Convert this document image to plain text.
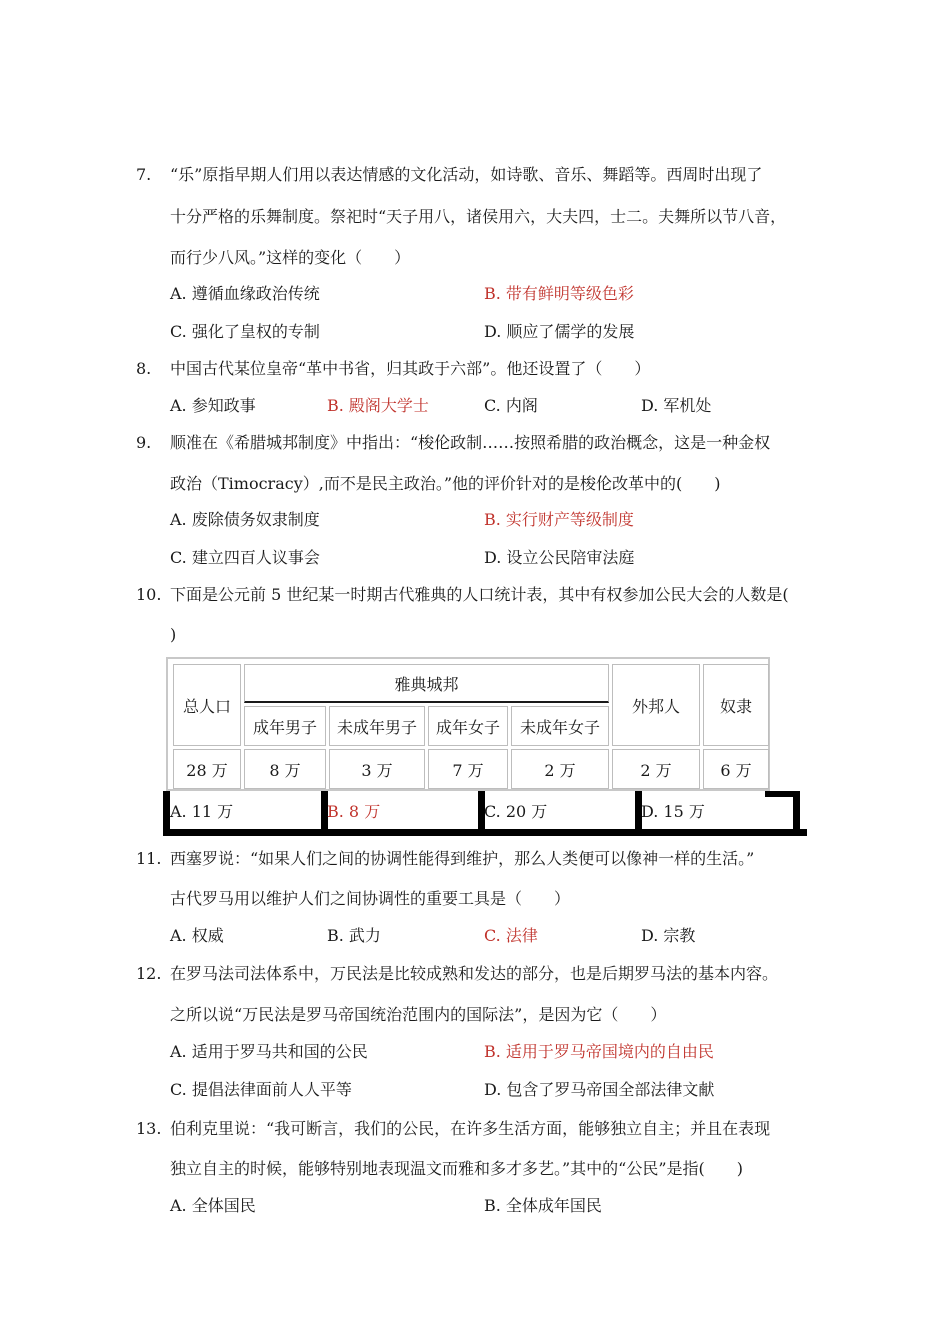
7. “乐”原指早期人们用以表达情感的文化活动，如诗歌、音乐、舞蹈等。西周时出现了
十分严格的乐舞制度。祭祀时“天子用八，诸侯用六，大夫四，士二。夫舞所以节八音，
而行少八风。”这样的变化（　　）
A. 遵循血缘政治传统	B. 带有鲜明等级色彩
C. 强化了皇权的专制	D. 顺应了儒学的发展
8. 中国古代某位皇帝“革中书省，归其政于六部”。他还设置了（　　）
A. 参知政事	B. 殿阁大学士	C. 内阁	D. 军机处
9. 顺准在《希腊城邦制度》中指出：“梭伦政制……按照希腊的政治概念，这是一种金权
政治（Timocracy）,而不是民主政治。”他的评价针对的是梭伦改革中的(　　)
A. 废除债务奴隶制度	B. 实行财产等级制度
C. 建立四百人议事会	D. 设立公民陪审法庭
10. 下面是公元前 5 世纪某一时期古代雅典的人口统计表，其中有权参加公民大会的人数是(
)
总人口	雅典城邦				外邦人	奴隶
	成年男子	未成年男子	成年女子	未成年女子		
28 万	8 万	3 万	7 万	2 万	2 万	6 万
A. 11 万	B. 8 万	C. 20 万	D. 15 万
11. 西塞罗说：“如果人们之间的协调性能得到维护，那么人类便可以像神一样的生活。”
古代罗马用以维护人们之间协调性的重要工具是（　　）
A. 权威	B. 武力	C. 法律	D. 宗教
12. 在罗马法司法体系中，万民法是比较成熟和发达的部分，也是后期罗马法的基本内容。
之所以说“万民法是罗马帝国统治范围内的国际法”，是因为它（　　）
A. 适用于罗马共和国的公民	B. 适用于罗马帝国境内的自由民
C. 提倡法律面前人人平等	D. 包含了罗马帝国全部法律文献
13. 伯利克里说：“我可断言，我们的公民，在许多生活方面，能够独立自主；并且在表现
独立自主的时候，能够特别地表现温文而雅和多才多艺。”其中的“公民”是指(　　)
A. 全体国民	B. 全体成年国民
